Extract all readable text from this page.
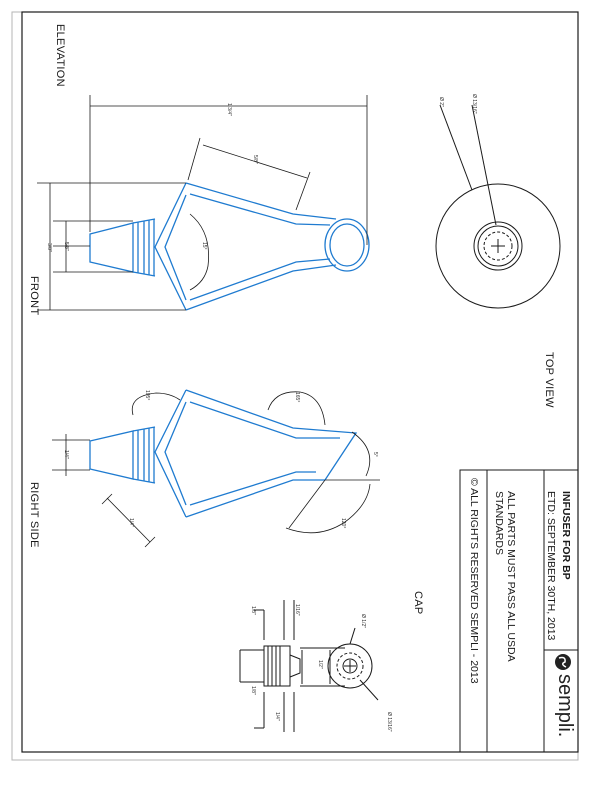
ELEVATION
FRONT
TOP VIEW
RIGHT SIDE
CAP
INFUSER FOR BP
ETD: SEPTEMBER 30TH, 2013
ALL PARTS MUST PASS ALL USDA
STANDARDS
© ALL RIGHTS RESERVED SEMPLI - 2013
sempli.
1 3/4"
5/8"
15°
3/8" 5/8"
Ø 2"	Ø 13/16"
105°	165°
5°
120°
1/4"
1/4"
1/16"
1/8"
1/2"
1/8"
1/4"
Ø 1/2"
Ø 13/16"
